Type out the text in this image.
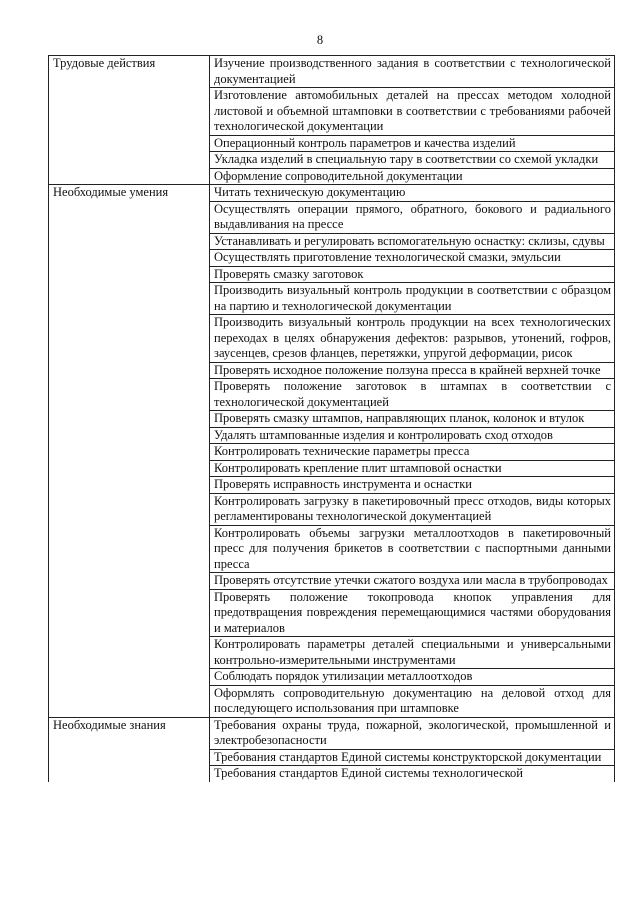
8
Трудовые действия	Изучение производственного задания в соответствии с технологической документацией
	Изготовление автомобильных деталей на прессах методом холодной листовой и объемной штамповки в соответствии с требованиями рабочей технологической документации
	Операционный контроль параметров и качества изделий
	Укладка изделий в специальную тару в соответствии со схемой укладки
	Оформление сопроводительной документации
Необходимые умения	Читать техническую документацию
	Осуществлять операции прямого, обратного, бокового и радиального выдавливания на прессе
	Устанавливать и регулировать вспомогательную оснастку: склизы, сдувы
	Осуществлять приготовление технологической смазки, эмульсии
	Проверять смазку заготовок
	Производить визуальный контроль продукции в соответствии с образцом на партию и технологической документации
	Производить визуальный контроль продукции на всех технологических переходах в целях обнаружения дефектов: разрывов, утонений, гофров, заусенцев, срезов фланцев, перетяжки, упругой деформации, рисок
	Проверять исходное положение ползуна пресса в крайней верхней точке
	Проверять положение заготовок в штампах в соответствии с технологической документацией
	Проверять смазку штампов, направляющих планок, колонок и втулок
	Удалять штампованные изделия и контролировать сход отходов
	Контролировать технические параметры пресса
	Контролировать крепление плит штамповой оснастки
	Проверять исправность инструмента и оснастки
	Контролировать загрузку в пакетировочный пресс отходов, виды которых регламентированы технологической документацией
	Контролировать объемы загрузки металлоотходов в пакетировочный пресс для получения брикетов в соответствии с паспортными данными пресса
	Проверять отсутствие утечки сжатого воздуха или масла в трубопроводах
	Проверять положение токопровода кнопок управления для предотвращения повреждения перемещающимися частями оборудования и материалов
	Контролировать параметры деталей специальными и универсальными контрольно-измерительными инструментами
	Соблюдать порядок утилизации металлоотходов
	Оформлять сопроводительную документацию на деловой отход для последующего использования при штамповке
Необходимые знания	Требования охраны труда, пожарной, экологической, промышленной и электробезопасности
	Требования стандартов Единой системы конструкторской документации
	Требования стандартов Единой системы технологической
